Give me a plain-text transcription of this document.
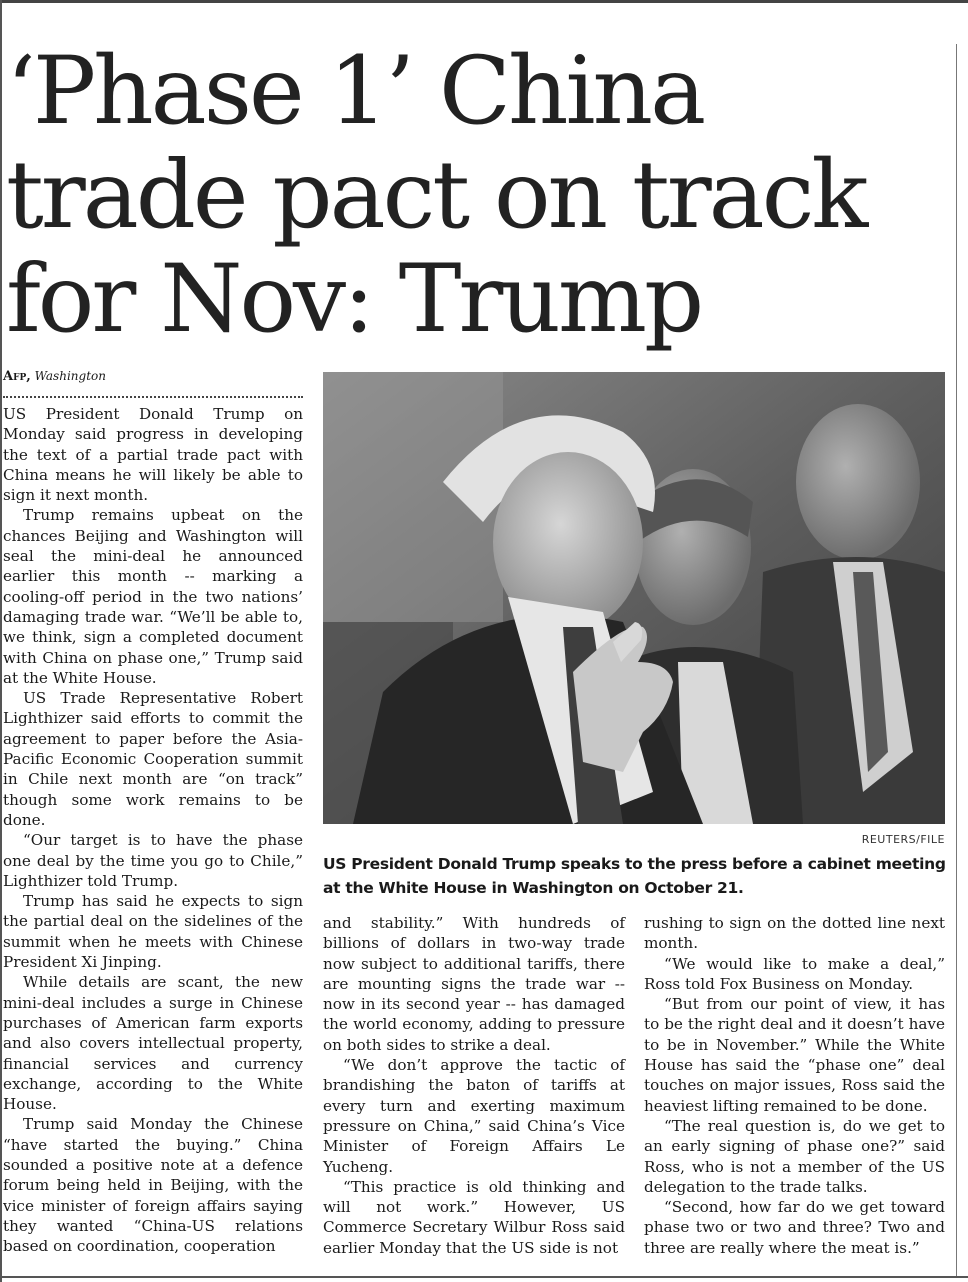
‘Phase 1’ China
trade pact on track
for Nov: Trump
Afp, Washington

US President Donald Trump on Monday said progress in developing the text of a partial trade pact with China means he will likely be able to sign it next month.

Trump remains upbeat on the chances Beijing and Washington will seal the mini-deal he announced earlier this month -- marking a cooling-off period in the two nations’ damaging trade war. “We’ll be able to, we think, sign a completed document with China on phase one,” Trump said at the White House.

US Trade Representative Robert Lighthizer said efforts to commit the agreement to paper before the Asia-Pacific Economic Cooperation summit in Chile next month are “on track” though some work remains to be done.

“Our target is to have the phase one deal by the time you go to Chile,” Lighthizer told Trump.

Trump has said he expects to sign the partial deal on the sidelines of the summit when he meets with Chinese President Xi Jinping.

While details are scant, the new mini-deal includes a surge in Chinese purchases of American farm exports and also covers intellectual property, financial services and currency exchange, according to the White House.

Trump said Monday the Chinese “have started the buying.” China sounded a positive note at a defence forum being held in Beijing, with the vice minister of foreign affairs saying they wanted “China-US relations based on coordination, cooperation

REUTERS/FILE
US President Donald Trump speaks to the press before a cabinet meeting at the White House in Washington on October 21.

and stability.” With hundreds of billions of dollars in two-way trade now subject to additional tariffs, there are mounting signs the trade war -- now in its second year -- has damaged the world economy, adding to pressure on both sides to strike a deal.

“We don’t approve the tactic of brandishing the baton of tariffs at every turn and exerting maximum pressure on China,” said China’s Vice Minister of Foreign Affairs Le Yucheng.

“This practice is old thinking and will not work.” However, US Commerce Secretary Wilbur Ross said earlier Monday that the US side is not

rushing to sign on the dotted line next month.

“We would like to make a deal,” Ross told Fox Business on Monday.

“But from our point of view, it has to be the right deal and it doesn’t have to be in November.” While the White House has said the “phase one” deal touches on major issues, Ross said the heaviest lifting remained to be done.

“The real question is, do we get to an early signing of phase one?” said Ross, who is not a member of the US delegation to the trade talks.

“Second, how far do we get toward phase two or two and three? Two and three are really where the meat is.”
